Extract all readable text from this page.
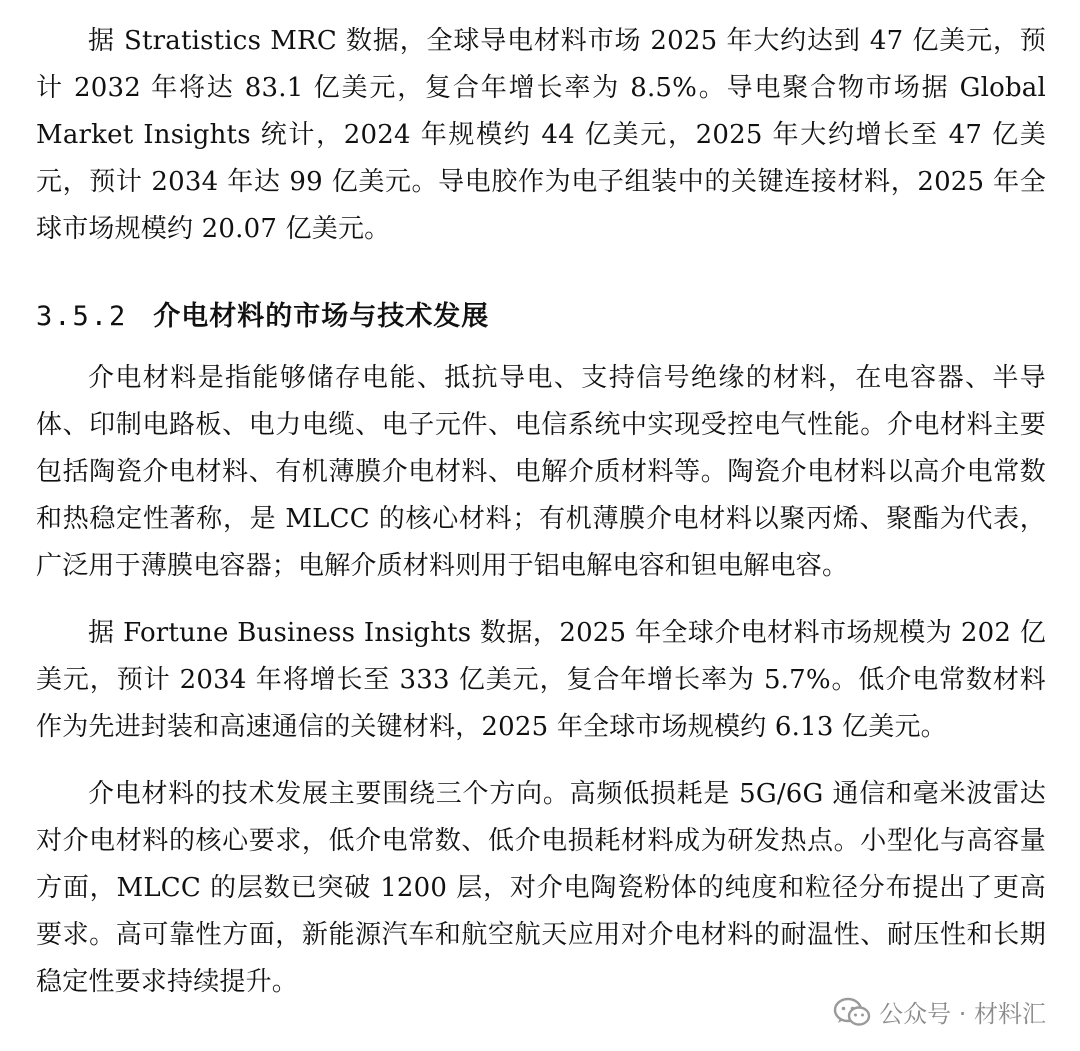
据 Stratistics MRC 数据，全球导电材料市场 2025 年大约达到 47 亿美元，预计 2032 年将达 83.1 亿美元，复合年增长率为 8.5%。导电聚合物市场据 Global Market Insights 统计，2024 年规模约 44 亿美元，2025 年大约增长至 47 亿美元，预计 2034 年达 99 亿美元。导电胶作为电子组装中的关键连接材料，2025 年全球市场规模约 20.07 亿美元。

3.5.2 介电材料的市场与技术发展

介电材料是指能够储存电能、抵抗导电、支持信号绝缘的材料，在电容器、半导体、印制电路板、电力电缆、电子元件、电信系统中实现受控电气性能。介电材料主要包括陶瓷介电材料、有机薄膜介电材料、电解介质材料等。陶瓷介电材料以高介电常数和热稳定性著称，是 MLCC 的核心材料；有机薄膜介电材料以聚丙烯、聚酯为代表，广泛用于薄膜电容器；电解介质材料则用于铝电解电容和钽电解电容。

据 Fortune Business Insights 数据，2025 年全球介电材料市场规模为 202 亿美元，预计 2034 年将增长至 333 亿美元，复合年增长率为 5.7%。低介电常数材料作为先进封装和高速通信的关键材料，2025 年全球市场规模约 6.13 亿美元。

介电材料的技术发展主要围绕三个方向。高频低损耗是 5G/6G 通信和毫米波雷达对介电材料的核心要求，低介电常数、低介电损耗材料成为研发热点。小型化与高容量方面，MLCC 的层数已突破 1200 层，对介电陶瓷粉体的纯度和粒径分布提出了更高要求。高可靠性方面，新能源汽车和航空航天应用对介电材料的耐温性、耐压性和长期稳定性要求持续提升。

公众号 · 材料汇
